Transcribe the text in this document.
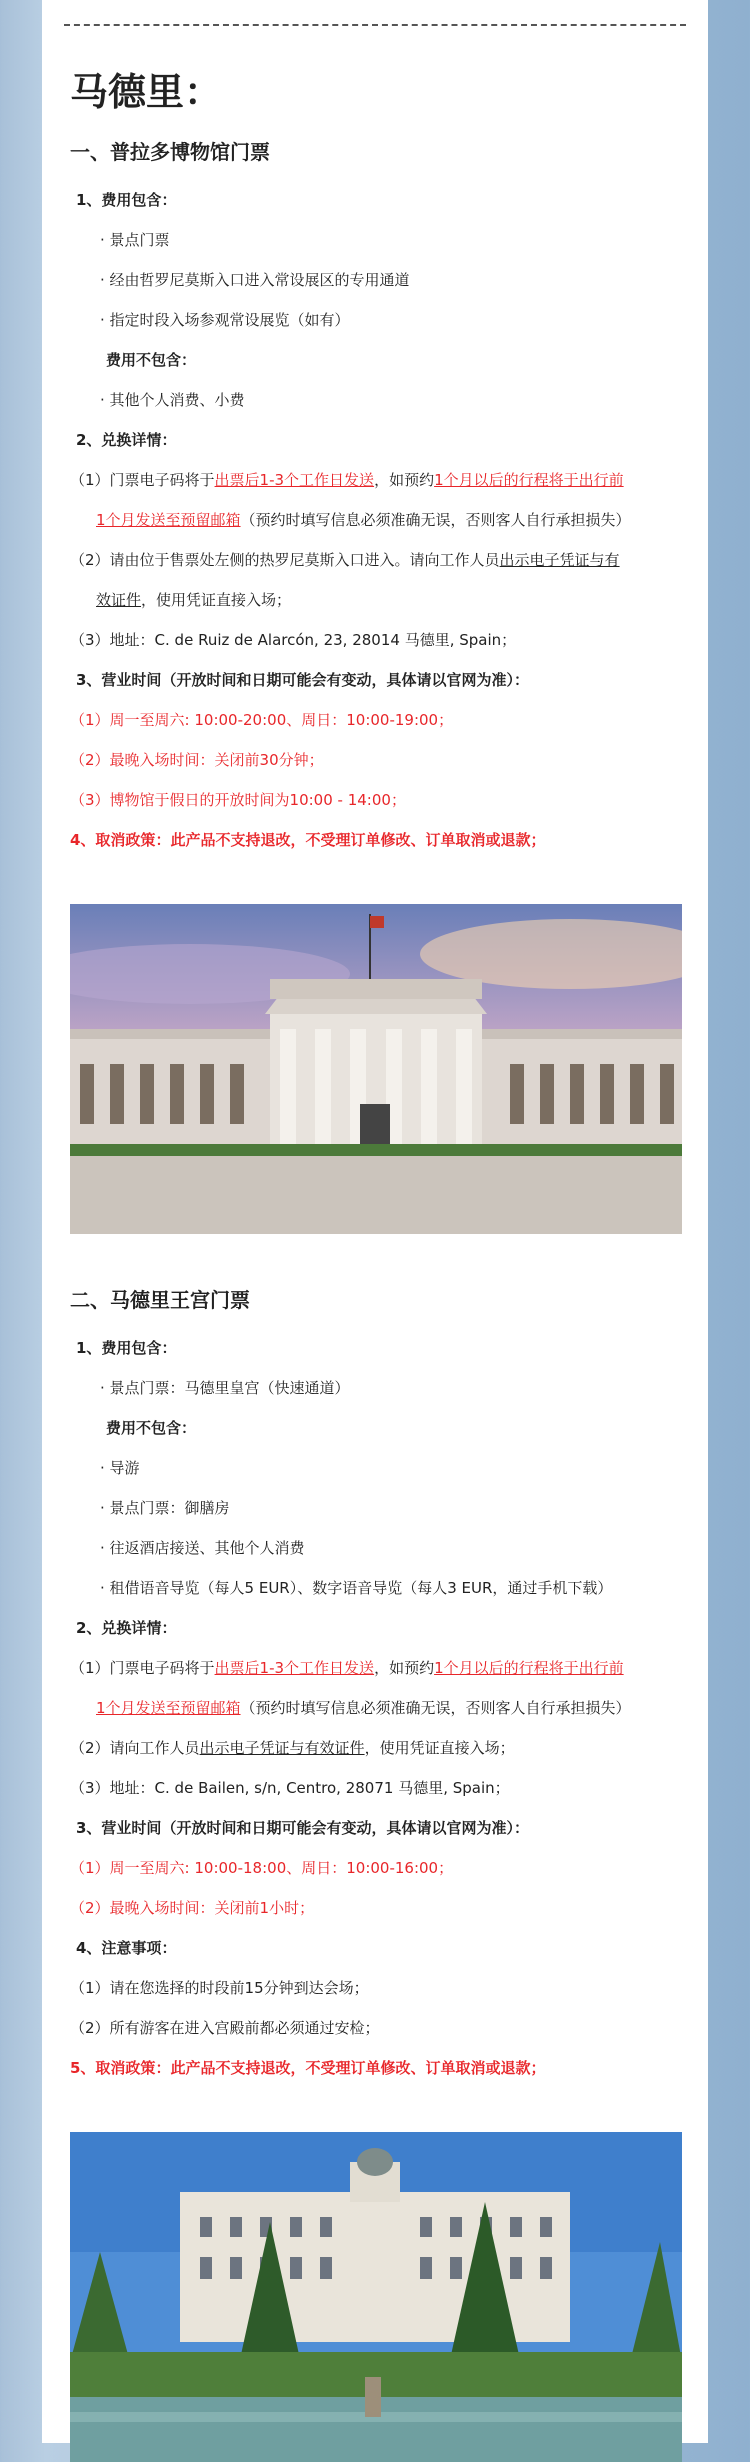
马德里：
一、普拉多博物馆门票

1、费用包含：

· 景点门票

· 经由哲罗尼莫斯入口进入常设展区的专用通道

· 指定时段入场参观常设展览（如有）

费用不包含：

· 其他个人消费、小费

2、兑换详情：

（1）门票电子码将于出票后1-3个工作日发送，如预约1个月以后的行程将于出行前
1个月发送至预留邮箱（预约时填写信息必须准确无误，否则客人自行承担损失）

（2）请由位于售票处左侧的热罗尼莫斯入口进入。请向工作人员出示电子凭证与有
效证件，使用凭证直接入场；

（3）地址：C. de Ruiz de Alarcón, 23, 28014 马德里, Spain；

3、营业时间（开放时间和日期可能会有变动，具体请以官网为准）：

（1）周一至周六: 10:00-20:00、周日：10:00-19:00；

（2）最晚入场时间：关闭前30分钟；

（3）博物馆于假日的开放时间为10:00 - 14:00；

4、取消政策：此产品不支持退改，不受理订单修改、订单取消或退款；

二、马德里王宫门票

1、费用包含：

· 景点门票：马德里皇宫（快速通道）

费用不包含：

· 导游

· 景点门票：御膳房

· 往返酒店接送、其他个人消费

· 租借语音导览（每人5 EUR）、数字语音导览（每人3 EUR，通过手机下载）

2、兑换详情：

（1）门票电子码将于出票后1-3个工作日发送，如预约1个月以后的行程将于出行前
1个月发送至预留邮箱（预约时填写信息必须准确无误，否则客人自行承担损失）

（2）请向工作人员出示电子凭证与有效证件，使用凭证直接入场；

（3）地址：C. de Bailen, s/n, Centro, 28071 马德里, Spain；

3、营业时间（开放时间和日期可能会有变动，具体请以官网为准）：

（1）周一至周六: 10:00-18:00、周日：10:00-16:00；

（2）最晚入场时间：关闭前1小时；

4、注意事项：

（1）请在您选择的时段前15分钟到达会场；

（2）所有游客在进入宫殿前都必须通过安检；

5、取消政策：此产品不支持退改，不受理订单修改、订单取消或退款；
